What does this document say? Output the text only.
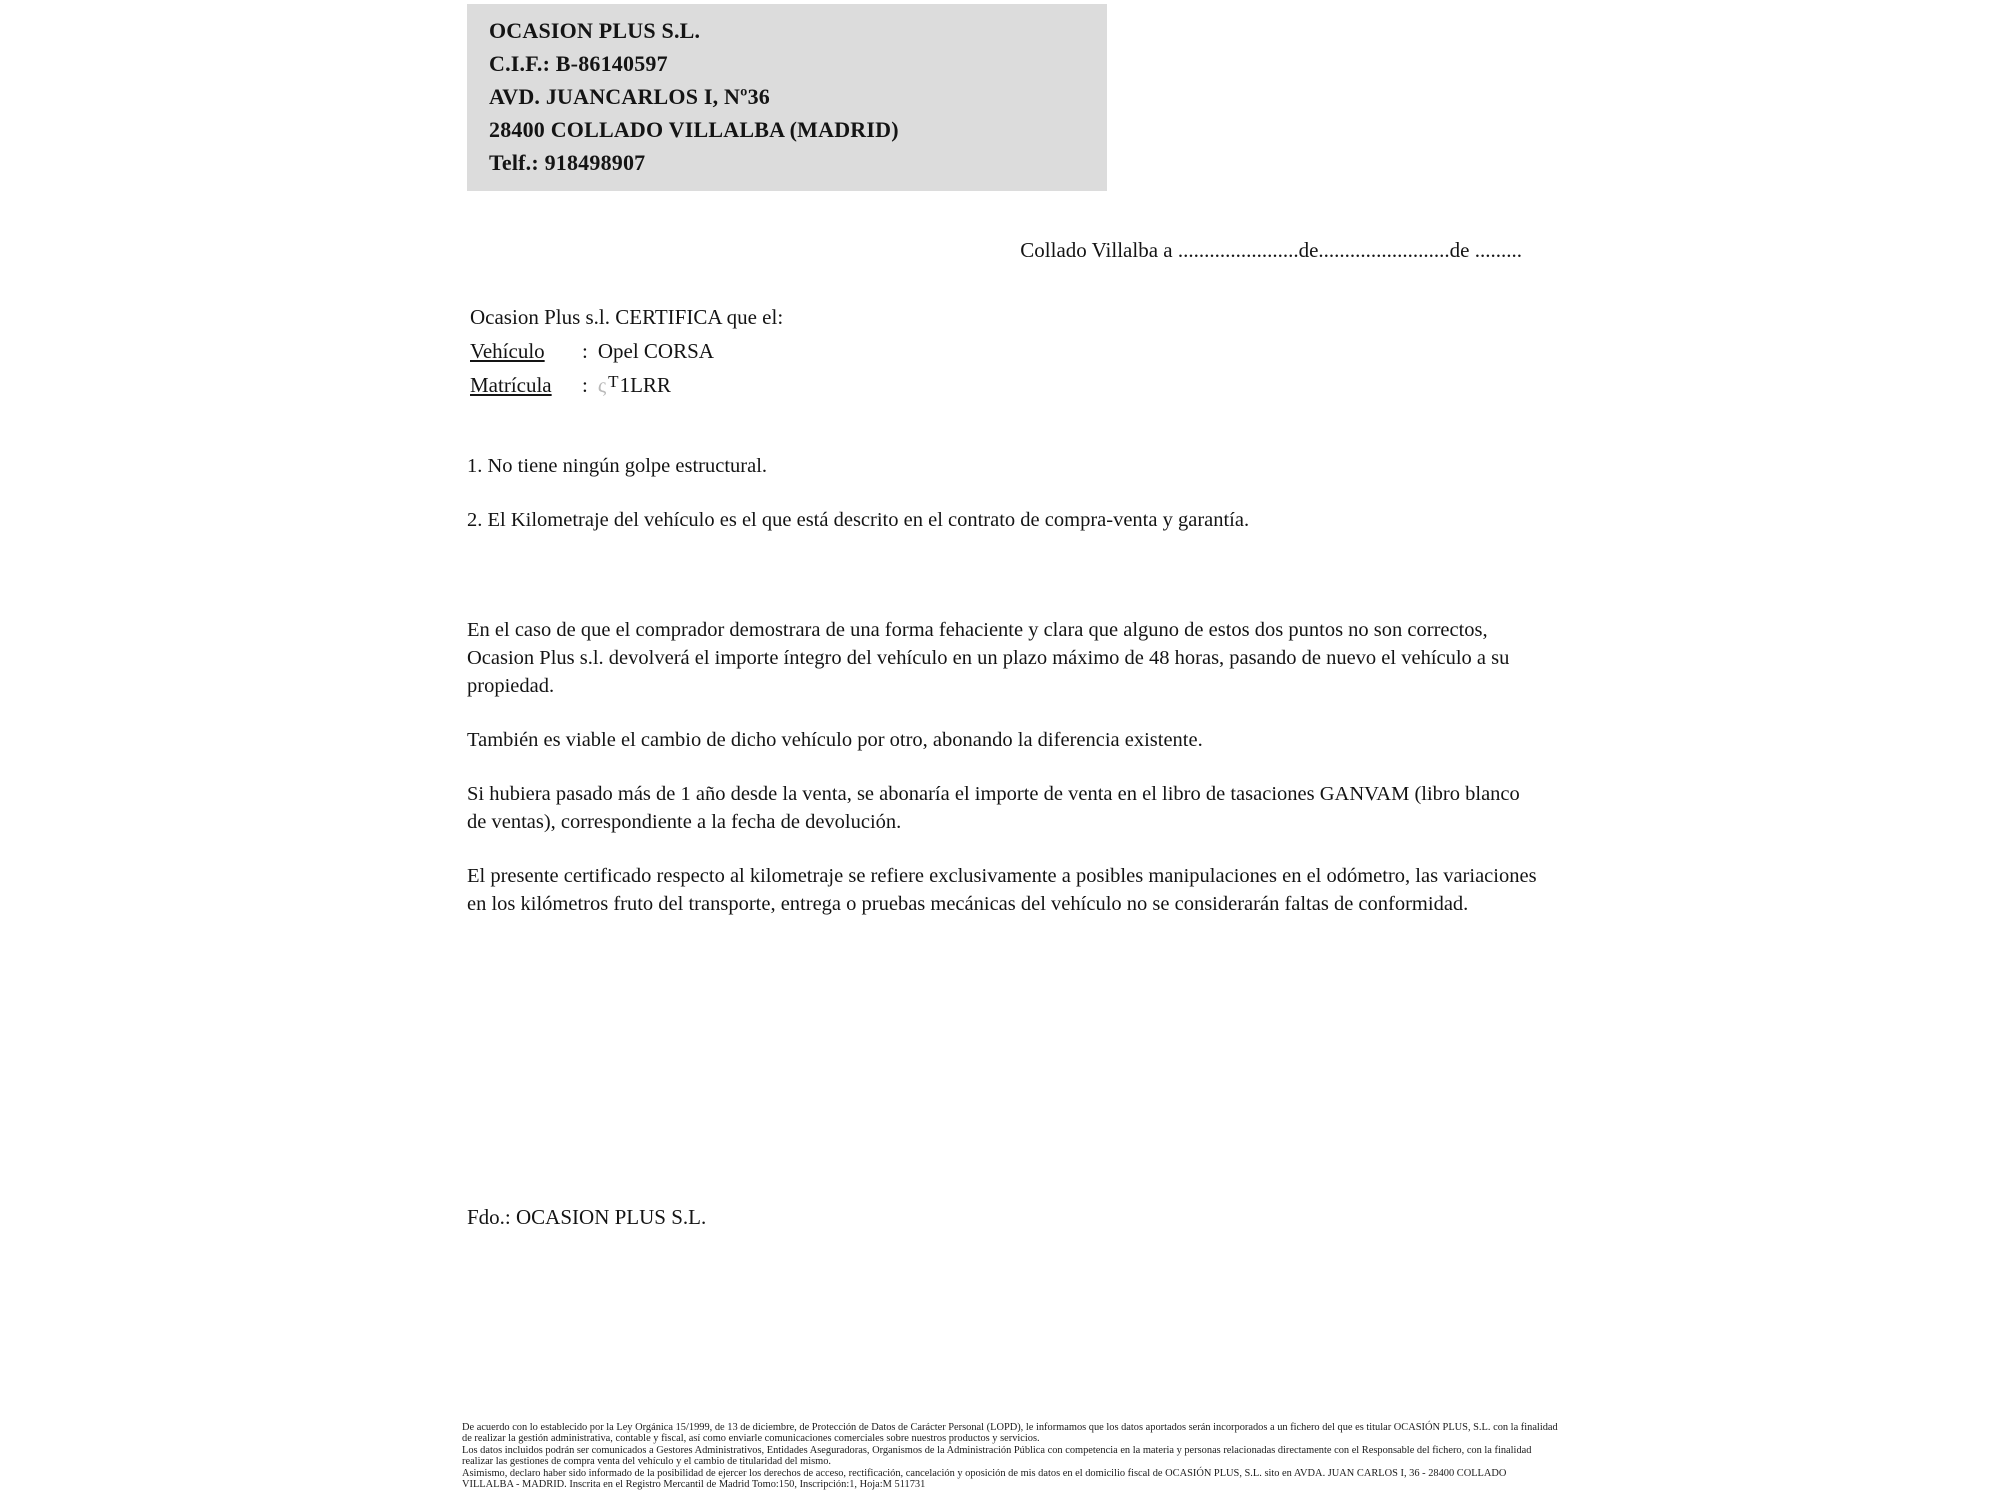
OCASION PLUS S.L.
C.I.F.: B-86140597
AVD. JUANCARLOS I, Nº36
28400 COLLADO VILLALBA (MADRID)
Telf.: 918498907
Collado Villalba a .......................de.........................de .........
Ocasion Plus s.l. CERTIFICA que el:
Vehículo	: Opel CORSA
Matrícula	: ς T 1LRR

1. No tiene ningún golpe estructural.

2. El Kilometraje del vehículo es el que está descrito en el contrato de compra-venta y garantía.

En el caso de que el comprador demostrara de una forma fehaciente y clara que alguno de estos dos puntos no son correctos, Ocasion Plus s.l. devolverá el importe íntegro del vehículo en un plazo máximo de 48 horas, pasando de nuevo el vehículo a su propiedad.

También es viable el cambio de dicho vehículo por otro, abonando la diferencia existente.

Si hubiera pasado más de 1 año desde la venta, se abonaría el importe de venta en el libro de tasaciones GANVAM (libro blanco de ventas), correspondiente a la fecha de devolución.

El presente certificado respecto al kilometraje se refiere exclusivamente a posibles manipulaciones en el odómetro, las variaciones en los kilómetros fruto del transporte, entrega o pruebas mecánicas del vehículo no se considerarán faltas de conformidad.

Fdo.: OCASION PLUS S.L.

De acuerdo con lo establecido por la Ley Orgánica 15/1999, de 13 de diciembre, de Protección de Datos de Carácter Personal (LOPD), le informamos que los datos aportados serán incorporados a un fichero del que es titular OCASIÓN PLUS, S.L. con la finalidad de realizar la gestión administrativa, contable y fiscal, así como enviarle comunicaciones comerciales sobre nuestros productos y servicios.

Los datos incluidos podrán ser comunicados a Gestores Administrativos, Entidades Aseguradoras, Organismos de la Administración Pública con competencia en la materia y personas relacionadas directamente con el Responsable del fichero, con la finalidad realizar las gestiones de compra venta del vehículo y el cambio de titularidad del mismo.

Asimismo, declaro haber sido informado de la posibilidad de ejercer los derechos de acceso, rectificación, cancelación y oposición de mis datos en el domicilio fiscal de OCASIÓN PLUS, S.L. sito en AVDA. JUAN CARLOS I, 36 - 28400 COLLADO VILLALBA - MADRID. Inscrita en el Registro Mercantil de Madrid Tomo:150, Inscripción:1, Hoja:M 511731
